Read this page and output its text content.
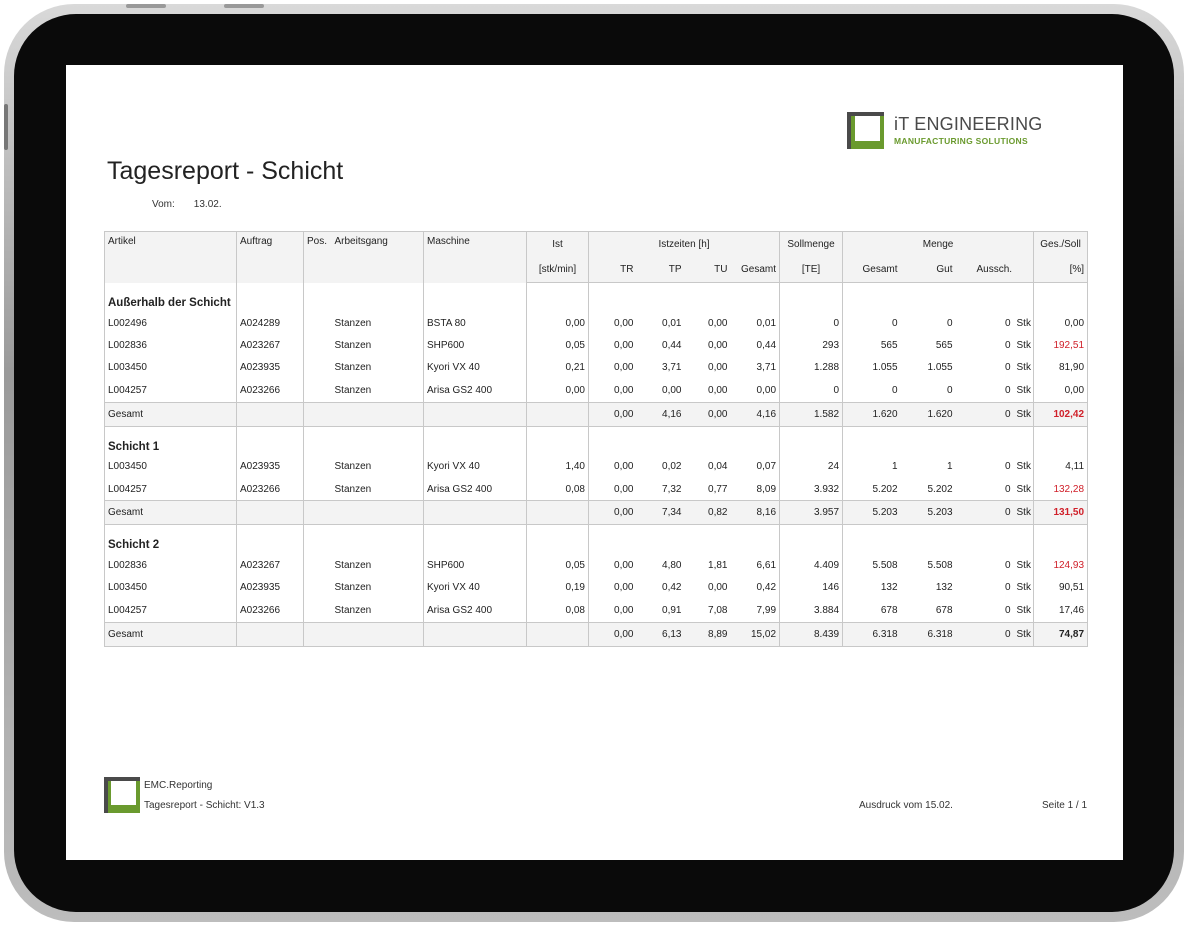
iT ENGINEERING
MANUFACTURING SOLUTIONS
Tagesreport - Schicht
Vom: 13.02.
Artikel	Auftrag	Pos.	Arbeitsgang	Maschine	Ist	Istzeiten [h]				Sollmenge	Menge				Ges./Soll
					[stk/min]	TR	TP	TU	Gesamt	[TE]	Gesamt	Gut	Aussch.		[%]
Außerhalb der Schicht															
L002496	A024289		Stanzen	BSTA 80	0,00	0,00	0,01	0,00	0,01	0	0	0	0	Stk	0,00
L002836	A023267		Stanzen	SHP600	0,05	0,00	0,44	0,00	0,44	293	565	565	0	Stk	192,51
L003450	A023935		Stanzen	Kyori VX 40	0,21	0,00	3,71	0,00	3,71	1.288	1.055	1.055	0	Stk	81,90
L004257	A023266		Stanzen	Arisa GS2 400	0,00	0,00	0,00	0,00	0,00	0	0	0	0	Stk	0,00
Gesamt						0,00	4,16	0,00	4,16	1.582	1.620	1.620	0	Stk	102,42
Schicht 1															
L003450	A023935		Stanzen	Kyori VX 40	1,40	0,00	0,02	0,04	0,07	24	1	1	0	Stk	4,11
L004257	A023266		Stanzen	Arisa GS2 400	0,08	0,00	7,32	0,77	8,09	3.932	5.202	5.202	0	Stk	132,28
Gesamt						0,00	7,34	0,82	8,16	3.957	5.203	5.203	0	Stk	131,50
Schicht 2															
L002836	A023267		Stanzen	SHP600	0,05	0,00	4,80	1,81	6,61	4.409	5.508	5.508	0	Stk	124,93
L003450	A023935		Stanzen	Kyori VX 40	0,19	0,00	0,42	0,00	0,42	146	132	132	0	Stk	90,51
L004257	A023266		Stanzen	Arisa GS2 400	0,08	0,00	0,91	7,08	7,99	3.884	678	678	0	Stk	17,46
Gesamt						0,00	6,13	8,89	15,02	8.439	6.318	6.318	0	Stk	74,87
EMC.Reporting
Tagesreport - Schicht: V1.3	Ausdruck vom 15.02.	Seite 1 / 1
